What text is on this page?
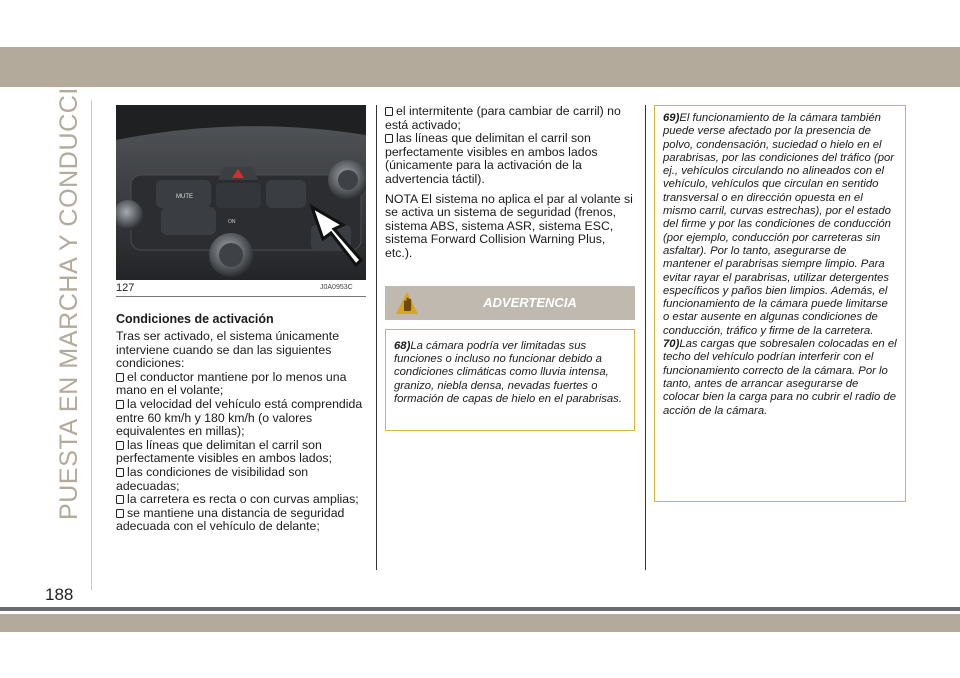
PUESTA EN MARCHA Y CONDUCCIÓN	MUTE
ON
127	J0A0953C
Condiciones de activación
Tras ser activado, el sistema únicamente interviene cuando se dan las siguientes condiciones:
el conductor mantiene por lo menos una mano en el volante;
la velocidad del vehículo está comprendida entre 60 km/h y 180 km/h (o valores equivalentes en millas);
las líneas que delimitan el carril son perfectamente visibles en ambos lados;
las condiciones de visibilidad son adecuadas;
la carretera es recta o con curvas amplias;
se mantiene una distancia de seguridad adecuada con el vehículo de delante;
el intermitente (para cambiar de carril) no está activado;
las líneas que delimitan el carril son perfectamente visibles en ambos lados (únicamente para la activación de la advertencia táctil).

NOTA El sistema no aplica el par al volante si se activa un sistema de seguridad (frenos, sistema ABS, sistema ASR, sistema ESC, sistema Forward Collision Warning Plus, etc.).

ADVERTENCIA
68)La cámara podría ver limitadas sus funciones o incluso no funcionar debido a condiciones climáticas como lluvia intensa, granizo, niebla densa, nevadas fuertes o formación de capas de hielo en el parabrisas.

69)El funcionamiento de la cámara también puede verse afectado por la presencia de polvo, condensación, suciedad o hielo en el parabrisas, por las condiciones del tráfico (por ej., vehículos circulando no alineados con el vehículo, vehículos que circulan en sentido transversal o en dirección opuesta en el mismo carril, curvas estrechas), por el estado del firme y por las condiciones de conducción (por ejemplo, conducción por carreteras sin asfaltar). Por lo tanto, asegurarse de mantener el parabrisas siempre limpio. Para evitar rayar el parabrisas, utilizar detergentes específicos y paños bien limpios. Además, el funcionamiento de la cámara puede limitarse o estar ausente en algunas condiciones de conducción, tráfico y firme de la carretera.

70)Las cargas que sobresalen colocadas en el techo del vehículo podrían interferir con el funcionamiento correcto de la cámara. Por lo tanto, antes de arrancar asegurarse de colocar bien la carga para no cubrir el radio de acción de la cámara.

188
